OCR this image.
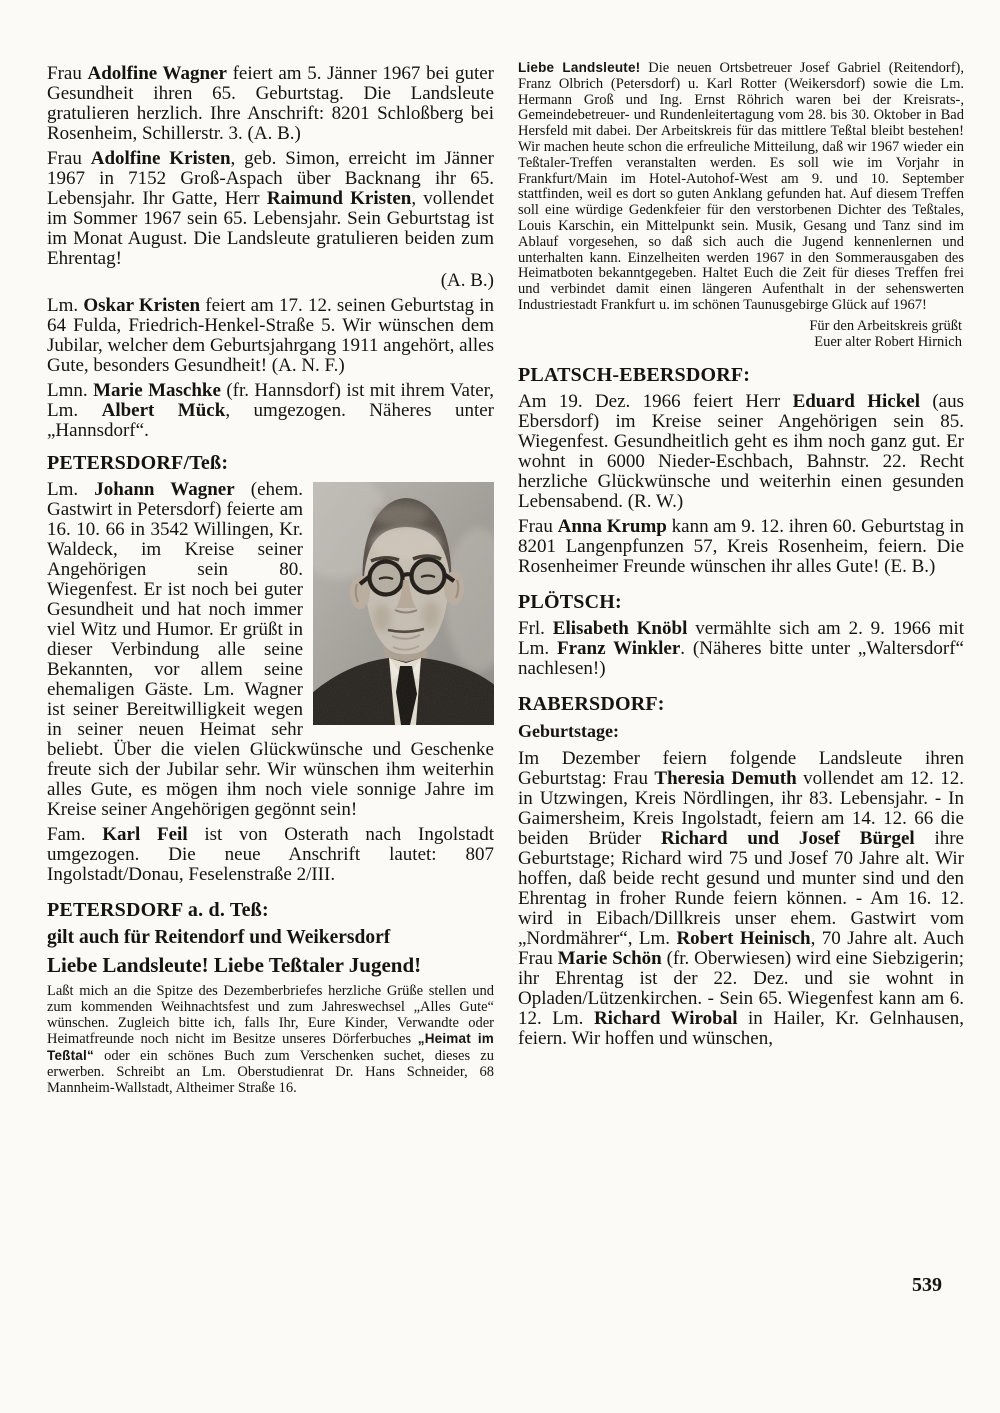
Frau Adolfine Wagner feiert am 5. Jänner 1967 bei guter Gesundheit ihren 65. Geburtstag. Die Landsleute gratulieren herzlich. Ihre Anschrift: 8201 Schloßberg bei Rosenheim, Schillerstr. 3. (A. B.)

Frau Adolfine Kristen, geb. Simon, erreicht im Jänner 1967 in 7152 Groß-Aspach über Backnang ihr 65. Lebensjahr. Ihr Gatte, Herr Raimund Kristen, vollendet im Sommer 1967 sein 65. Lebensjahr. Sein Geburtstag ist im Monat August. Die Landsleute gratulieren beiden zum Ehrentag!

(A. B.)

Lm. Oskar Kristen feiert am 17. 12. seinen Geburtstag in 64 Fulda, Friedrich-Henkel-Straße 5. Wir wünschen dem Jubilar, welcher dem Geburtsjahrgang 1911 angehört, alles Gute, besonders Gesundheit! (A. N. F.)

Lmn. Marie Maschke (fr. Hannsdorf) ist mit ihrem Vater, Lm. Albert Mück, umgezogen. Näheres unter „Hannsdorf“.

PETERSDORF/Teß:

Lm. Johann Wagner (ehem. Gastwirt in Petersdorf) feierte am 16. 10. 66 in 3542 Willingen, Kr. Waldeck, im Kreise seiner Angehörigen sein 80. Wiegenfest. Er ist noch bei guter Gesundheit und hat noch immer viel Witz und Humor. Er grüßt in dieser Verbindung alle seine Bekannten, vor allem seine ehemaligen Gäste. Lm. Wagner ist seiner Bereitwilligkeit wegen in seiner neuen Heimat sehr beliebt. Über die vielen Glückwünsche und Geschenke freute sich der Jubilar sehr. Wir wünschen ihm weiterhin alles Gute, es mögen ihm noch viele sonnige Jahre im Kreise seiner Angehörigen gegönnt sein!

Fam. Karl Feil ist von Osterath nach Ingolstadt umgezogen. Die neue Anschrift lautet: 807 Ingolstadt/Donau, Feselenstraße 2/III.

PETERSDORF a. d. Teß:
gilt auch für Reitendorf und Weikersdorf
Liebe Landsleute! Liebe Teßtaler Jugend!

Laßt mich an die Spitze des Dezemberbriefes herzliche Grüße stellen und zum kommenden Weihnachtsfest und zum Jahreswechsel „Alles Gute“ wünschen. Zugleich bitte ich, falls Ihr, Eure Kinder, Verwandte oder Heimatfreunde noch nicht im Besitze unseres Dörferbuches „Heimat im Teßtal“ oder ein schönes Buch zum Verschenken suchet, dieses zu erwerben. Schreibt an Lm. Oberstudienrat Dr. Hans Schneider, 68 Mannheim-Wallstadt, Altheimer Straße 16.

Liebe Landsleute! Die neuen Ortsbetreuer Josef Gabriel (Reitendorf), Franz Olbrich (Petersdorf) u. Karl Rotter (Weikersdorf) sowie die Lm. Hermann Groß und Ing. Ernst Röhrich waren bei der Kreisrats-, Gemeindebetreuer- und Rundenleitertagung vom 28. bis 30. Oktober in Bad Hersfeld mit dabei. Der Arbeitskreis für das mittlere Teßtal bleibt bestehen! Wir machen heute schon die erfreuliche Mitteilung, daß wir 1967 wieder ein Teßtaler-Treffen veranstalten werden. Es soll wie im Vorjahr in Frankfurt/Main im Hotel-Autohof-West am 9. und 10. September stattfinden, weil es dort so guten Anklang gefunden hat. Auf diesem Treffen soll eine würdige Gedenkfeier für den verstorbenen Dichter des Teßtales, Louis Karschin, ein Mittelpunkt sein. Musik, Gesang und Tanz sind im Ablauf vorgesehen, so daß sich auch die Jugend kennenlernen und unterhalten kann. Einzelheiten werden 1967 in den Sommerausgaben des Heimatboten bekanntgegeben. Haltet Euch die Zeit für dieses Treffen frei und verbindet damit einen längeren Aufenthalt in der sehenswerten Industriestadt Frankfurt u. im schönen Taunusgebirge Glück auf 1967!

Für den Arbeitskreis grüßt
Euer alter Robert Hirnich
PLATSCH-EBERSDORF:

Am 19. Dez. 1966 feiert Herr Eduard Hickel (aus Ebersdorf) im Kreise seiner Angehörigen sein 85. Wiegenfest. Gesundheitlich geht es ihm noch ganz gut. Er wohnt in 6000 Nieder-Eschbach, Bahnstr. 22. Recht herzliche Glückwünsche und weiterhin einen gesunden Lebensabend. (R. W.)

Frau Anna Krump kann am 9. 12. ihren 60. Geburtstag in 8201 Langenpfunzen 57, Kreis Rosenheim, feiern. Die Rosenheimer Freunde wünschen ihr alles Gute! (E. B.)

PLÖTSCH:

Frl. Elisabeth Knöbl vermählte sich am 2. 9. 1966 mit Lm. Franz Winkler. (Näheres bitte unter „Waltersdorf“ nachlesen!)

RABERSDORF:
Geburtstage:

Im Dezember feiern folgende Landsleute ihren Geburtstag: Frau Theresia Demuth vollendet am 12. 12. in Utzwingen, Kreis Nördlingen, ihr 83. Lebensjahr. - In Gaimersheim, Kreis Ingolstadt, feiern am 14. 12. 66 die beiden Brüder Richard und Josef Bürgel ihre Geburtstage; Richard wird 75 und Josef 70 Jahre alt. Wir hoffen, daß beide recht gesund und munter sind und den Ehrentag in froher Runde feiern können. - Am 16. 12. wird in Eibach/Dillkreis unser ehem. Gastwirt vom „Nordmährer“, Lm. Robert Heinisch, 70 Jahre alt. Auch Frau Marie Schön (fr. Oberwiesen) wird eine Siebzigerin; ihr Ehrentag ist der 22. Dez. und sie wohnt in Opladen/Lützenkirchen. - Sein 65. Wiegenfest kann am 6. 12. Lm. Richard Wirobal in Hailer, Kr. Gelnhausen, feiern. Wir hoffen und wünschen,

539
